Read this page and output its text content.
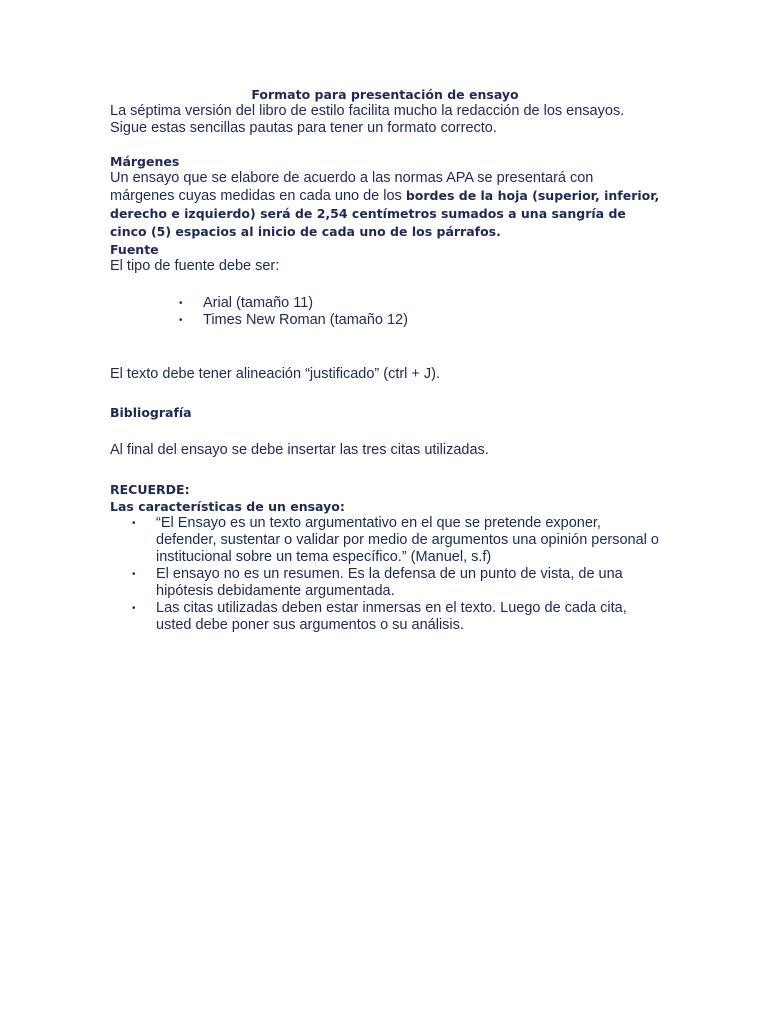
Formato para presentación de ensayo

La séptima versión del libro de estilo facilita mucho la redacción de los ensayos. Sigue estas sencillas pautas para tener un formato correcto.

Márgenes

Un ensayo que se elabore de acuerdo a las normas APA se presentará con márgenes cuyas medidas en cada uno de los bordes de la hoja (superior, inferior, derecho e izquierdo) será de 2,54 centímetros sumados a una sangría de cinco (5) espacios al inicio de cada uno de los párrafos.

Fuente

El tipo de fuente debe ser:

• Arial (tamaño 11)
• Times New Roman (tamaño 12)

El texto debe tener alineación “justificado” (ctrl + J).

Bibliografía

Al final del ensayo se debe insertar las tres citas utilizadas.

RECUERDE:

Las características de un ensayo:

• “El Ensayo es un texto argumentativo en el que se pretende exponer, defender, sustentar o validar por medio de argumentos una opinión personal o institucional sobre un tema específico.” (Manuel, s.f)
• El ensayo no es un resumen. Es la defensa de un punto de vista, de una hipótesis debidamente argumentada.
• Las citas utilizadas deben estar inmersas en el texto. Luego de cada cita, usted debe poner sus argumentos o su análisis.
